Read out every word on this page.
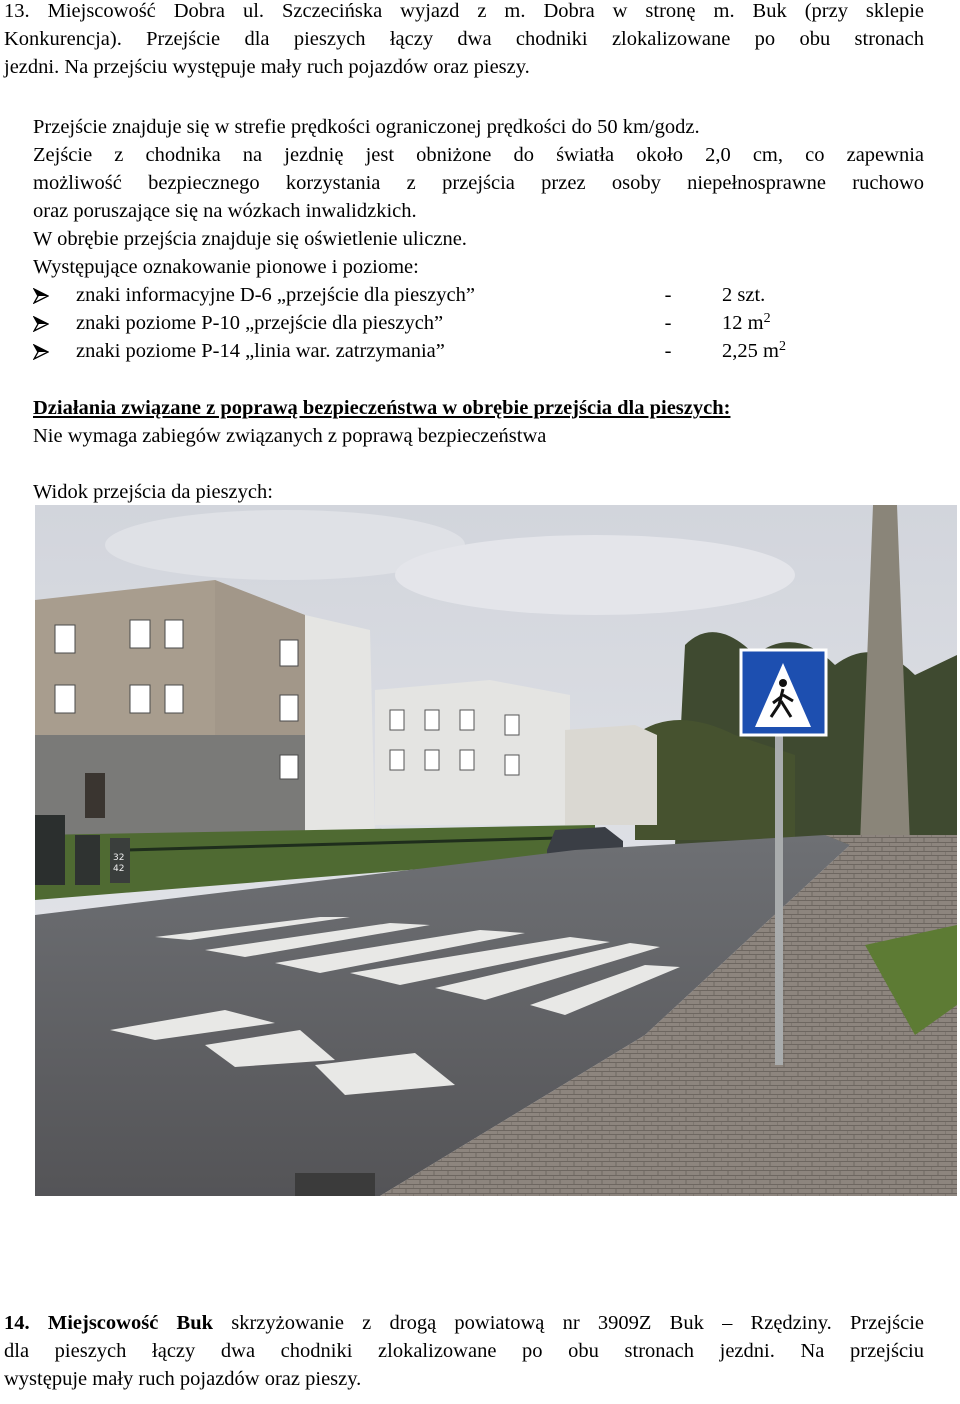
13. Miejscowość Dobra ul. Szczecińska wyjazd z m. Dobra w stronę m. Buk (przy sklepie

Konkurencja). Przejście dla pieszych łączy dwa chodniki zlokalizowane po obu stronach

jezdni. Na przejściu występuje mały ruch pojazdów oraz pieszy.

Przejście znajduje się w strefie prędkości ograniczonej prędkości do 50 km/godz.

Zejście z chodnika na jezdnię jest obniżone do światła około 2,0 cm, co zapewnia

możliwość bezpiecznego korzystania z przejścia przez osoby niepełnosprawne ruchowo

oraz poruszające się na wózkach inwalidzkich.

W obrębie przejścia znajduje się oświetlenie uliczne.

Występujące oznakowanie pionowe i poziome:

znaki informacyjne D-6 „przejście dla pieszych”	-	2 szt.
znaki poziome P-10 „przejście dla pieszych”	-	12 $m^2$
znaki poziome P-14 „linia war. zatrzymania”	-	2,25 $m^2$

Działania związane z poprawą bezpieczeństwa w obrębie przejścia dla pieszych:

Nie wymaga zabiegów związanych z poprawą bezpieczeństwa

Widok przejścia da pieszych:
32
42

14. Miejscowość Buk skrzyżowanie z drogą powiatową nr 3909Z Buk – Rzędziny. Przejście

dla pieszych łączy dwa chodniki zlokalizowane po obu stronach jezdni. Na przejściu

występuje mały ruch pojazdów oraz pieszy.
